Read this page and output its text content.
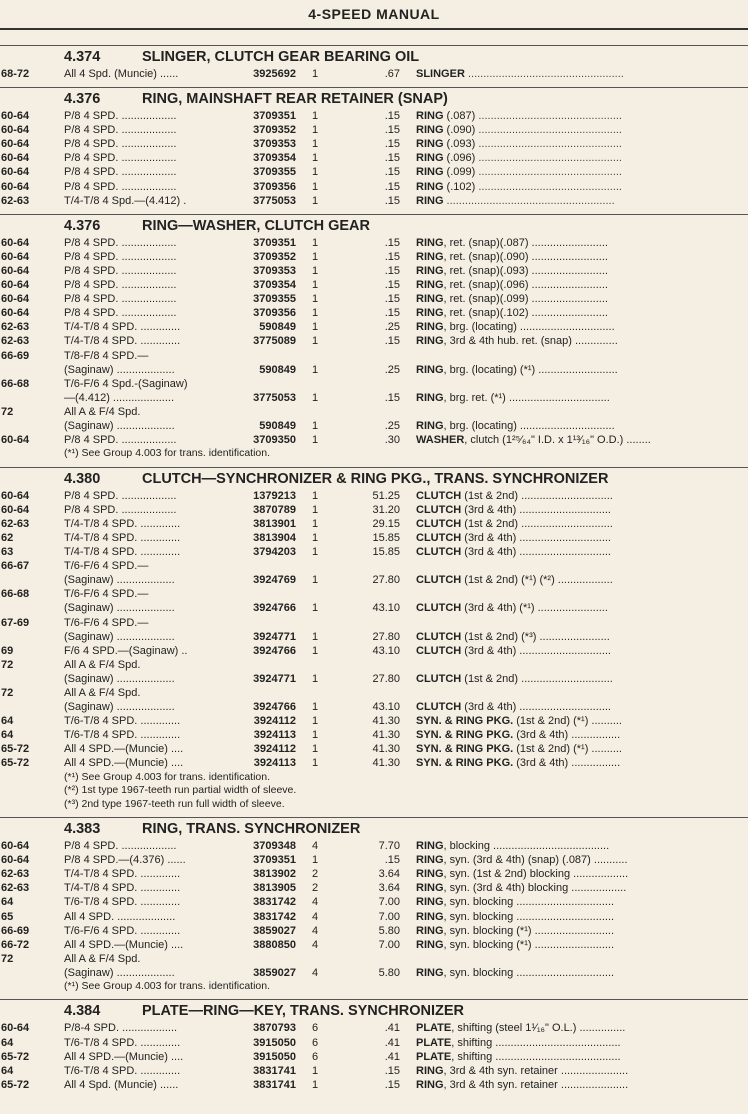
4-SPEED MANUAL
4.374	SLINGER, CLUTCH GEAR BEARING OIL
68-72	All 4 Spd. (Muncie) ......	3925692 1	.67 SLINGER ...................................................
4.376	RING, MAINSHAFT REAR RETAINER (SNAP)
60-64	P/8 4 SPD. ..................	3709351 1	.15 RING (.087) ...............................................
60-64	P/8 4 SPD. ..................	3709352 1	.15 RING (.090) ...............................................
60-64	P/8 4 SPD. ..................	3709353 1	.15 RING (.093) ...............................................
60-64	P/8 4 SPD. ..................	3709354 1	.15 RING (.096) ...............................................
60-64	P/8 4 SPD. ..................	3709355 1	.15 RING (.099) ...............................................
60-64	P/8 4 SPD. ..................	3709356 1	.15 RING (.102) ...............................................
62-63	T/4-T/8 4 Spd.—(4.412) .	3775053 1	.15 RING .......................................................
4.376	RING—WASHER, CLUTCH GEAR
60-64	P/8 4 SPD. ..................	3709351 1	.15 RING, ret. (snap)(.087) .........................
60-64	P/8 4 SPD. ..................	3709352 1	.15 RING, ret. (snap)(.090) .........................
60-64	P/8 4 SPD. ..................	3709353 1	.15 RING, ret. (snap)(.093) .........................
60-64	P/8 4 SPD. ..................	3709354 1	.15 RING, ret. (snap)(.096) .........................
60-64	P/8 4 SPD. ..................	3709355 1	.15 RING, ret. (snap)(.099) .........................
60-64	P/8 4 SPD. ..................	3709356 1	.15 RING, ret. (snap)(.102) .........................
62-63	T/4-T/8 4 SPD. .............	590849 1	.25 RING, brg. (locating) ...............................
62-63	T/4-T/8 4 SPD. .............	3775089 1	.15 RING, 3rd & 4th hub. ret. (snap) ..............
66-69	T/8-F/8 4 SPD.—
(Saginaw) ...................	590849 1	.25 RING, brg. (locating) (*¹) ..........................
66-68	T/6-F/6 4 Spd.-(Saginaw)
—(4.412) ....................	3775053 1	.15 RING, brg. ret. (*¹) .................................
72	All A & F/4 Spd.
(Saginaw) ...................	590849 1	.25 RING, brg. (locating) ...............................
60-64	P/8 4 SPD. ..................	3709350 1	.30 WASHER, clutch (1²⁵⁄₆₄" I.D. x 1¹³⁄₁₆" O.D.) ........
(*¹) See Group 4.003 for trans. identification.
4.380	CLUTCH—SYNCHRONIZER & RING PKG., TRANS. SYNCHRONIZER
60-64	P/8 4 SPD. ..................	1379213 1	51.25 CLUTCH (1st & 2nd) ..............................
60-64	P/8 4 SPD. ..................	3870789 1	31.20 CLUTCH (3rd & 4th) ..............................
62-63	T/4-T/8 4 SPD. .............	3813901 1	29.15 CLUTCH (1st & 2nd) ..............................
62	T/4-T/8 4 SPD. .............	3813904 1	15.85 CLUTCH (3rd & 4th) ..............................
63	T/4-T/8 4 SPD. .............	3794203 1	15.85 CLUTCH (3rd & 4th) ..............................
66-67	T/6-F/6 4 SPD.—
(Saginaw) ...................	3924769 1	27.80 CLUTCH (1st & 2nd) (*¹) (*²) ..................
66-68	T/6-F/6 4 SPD.—
(Saginaw) ...................	3924766 1	43.10 CLUTCH (3rd & 4th) (*¹) .......................
67-69	T/6-F/6 4 SPD.—
(Saginaw) ...................	3924771 1	27.80 CLUTCH (1st & 2nd) (*³) .......................
69	F/6 4 SPD.—(Saginaw) ..	3924766 1	43.10 CLUTCH (3rd & 4th) ..............................
72	All A & F/4 Spd.
(Saginaw) ...................	3924771 1	27.80 CLUTCH (1st & 2nd) ..............................
72	All A & F/4 Spd.
(Saginaw) ...................	3924766 1	43.10 CLUTCH (3rd & 4th) ..............................
64	T/6-T/8 4 SPD. .............	3924112 1	41.30 SYN. & RING PKG. (1st & 2nd) (*¹) ..........
64	T/6-T/8 4 SPD. .............	3924113 1	41.30 SYN. & RING PKG. (3rd & 4th) ................
65-72	All 4 SPD.—(Muncie) ....	3924112 1	41.30 SYN. & RING PKG. (1st & 2nd) (*¹) ..........
65-72	All 4 SPD.—(Muncie) ....	3924113 1	41.30 SYN. & RING PKG. (3rd & 4th) ................
(*¹) See Group 4.003 for trans. identification.
(*²) 1st type 1967-teeth run partial width of sleeve.
(*³) 2nd type 1967-teeth run full width of sleeve.
4.383	RING, TRANS. SYNCHRONIZER
60-64	P/8 4 SPD. ..................	3709348 4	7.70 RING, blocking ......................................
60-64	P/8 4 SPD.—(4.376) ......	3709351 1	.15 RING, syn. (3rd & 4th) (snap) (.087) ...........
62-63	T/4-T/8 4 SPD. .............	3813902 2	3.64 RING, syn. (1st & 2nd) blocking ..................
62-63	T/4-T/8 4 SPD. .............	3813905 2	3.64 RING, syn. (3rd & 4th) blocking ..................
64	T/6-T/8 4 SPD. .............	3831742 4	7.00 RING, syn. blocking ................................
65	All 4 SPD. ...................	3831742 4	7.00 RING, syn. blocking ................................
66-69	T/6-F/6 4 SPD. .............	3859027 4	5.80 RING, syn. blocking (*¹) ..........................
66-72	All 4 SPD.—(Muncie) ....	3880850 4	7.00 RING, syn. blocking (*¹) ..........................
72	All A & F/4 Spd.
(Saginaw) ...................	3859027 4	5.80 RING, syn. blocking ................................
(*¹) See Group 4.003 for trans. identification.
4.384	PLATE—RING—KEY, TRANS. SYNCHRONIZER
60-64	P/8-4 SPD. ..................	3870793 6	.41 PLATE, shifting (steel 1¹⁄₁₆" O.L.) ...............
64	T/6-T/8 4 SPD. .............	3915050 6	.41 PLATE, shifting .........................................
65-72	All 4 SPD.—(Muncie) ....	3915050 6	.41 PLATE, shifting .........................................
64	T/6-T/8 4 SPD. .............	3831741 1	.15 RING, 3rd & 4th syn. retainer ......................
65-72	All 4 Spd. (Muncie) ......	3831741 1	.15 RING, 3rd & 4th syn. retainer ......................
